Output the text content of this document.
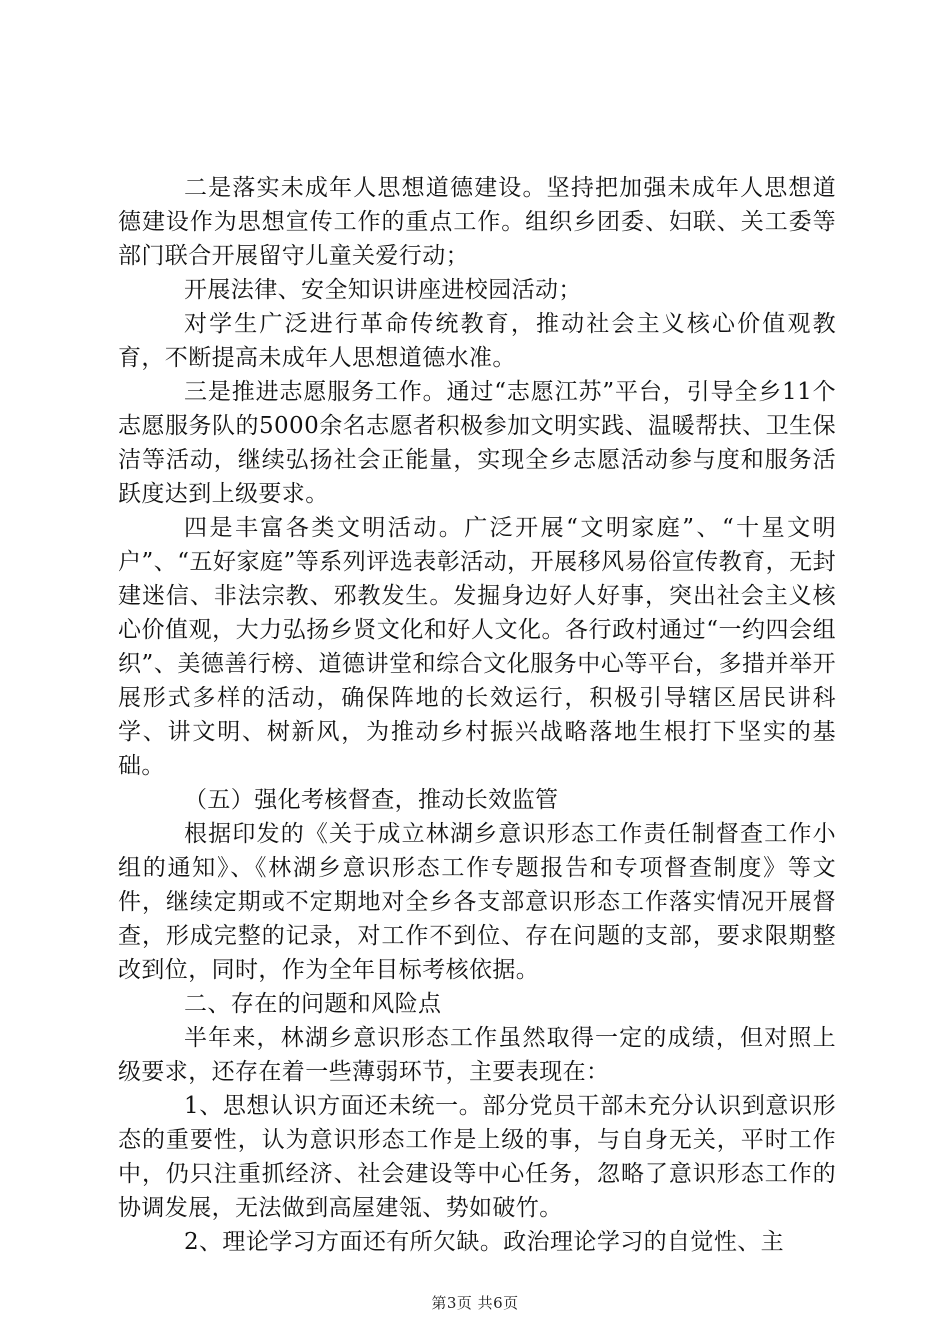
二是落实未成年人思想道德建设。坚持把加强未成年人思想道德建设作为思想宣传工作的重点工作。组织乡团委、妇联、关工委等部门联合开展留守儿童关爱行动；

开展法律、安全知识讲座进校园活动；

对学生广泛进行革命传统教育，推动社会主义核心价值观教育，不断提高未成年人思想道德水准。

三是推进志愿服务工作。通过“志愿江苏”平台，引导全乡11个志愿服务队的5000余名志愿者积极参加文明实践、温暖帮扶、卫生保洁等活动，继续弘扬社会正能量，实现全乡志愿活动参与度和服务活跃度达到上级要求。

四是丰富各类文明活动。广泛开展“文明家庭”、“十星文明户”、“五好家庭”等系列评选表彰活动，开展移风易俗宣传教育，无封建迷信、非法宗教、邪教发生。发掘身边好人好事，突出社会主义核心价值观，大力弘扬乡贤文化和好人文化。各行政村通过“一约四会组织”、美德善行榜、道德讲堂和综合文化服务中心等平台，多措并举开展形式多样的活动，确保阵地的长效运行，积极引导辖区居民讲科学、讲文明、树新风，为推动乡村振兴战略落地生根打下坚实的基础。

（五）强化考核督查，推动长效监管

根据印发的《关于成立林湖乡意识形态工作责任制督查工作小组的通知》、《林湖乡意识形态工作专题报告和专项督查制度》等文件，继续定期或不定期地对全乡各支部意识形态工作落实情况开展督查，形成完整的记录，对工作不到位、存在问题的支部，要求限期整改到位，同时，作为全年目标考核依据。

二、存在的问题和风险点

半年来，林湖乡意识形态工作虽然取得一定的成绩，但对照上级要求，还存在着一些薄弱环节，主要表现在：

1、思想认识方面还未统一。部分党员干部未充分认识到意识形态的重要性，认为意识形态工作是上级的事，与自身无关，平时工作中，仍只注重抓经济、社会建设等中心任务，忽略了意识形态工作的协调发展，无法做到高屋建瓴、势如破竹。

2、理论学习方面还有所欠缺。政治理论学习的自觉性、主

第3页 共6页
